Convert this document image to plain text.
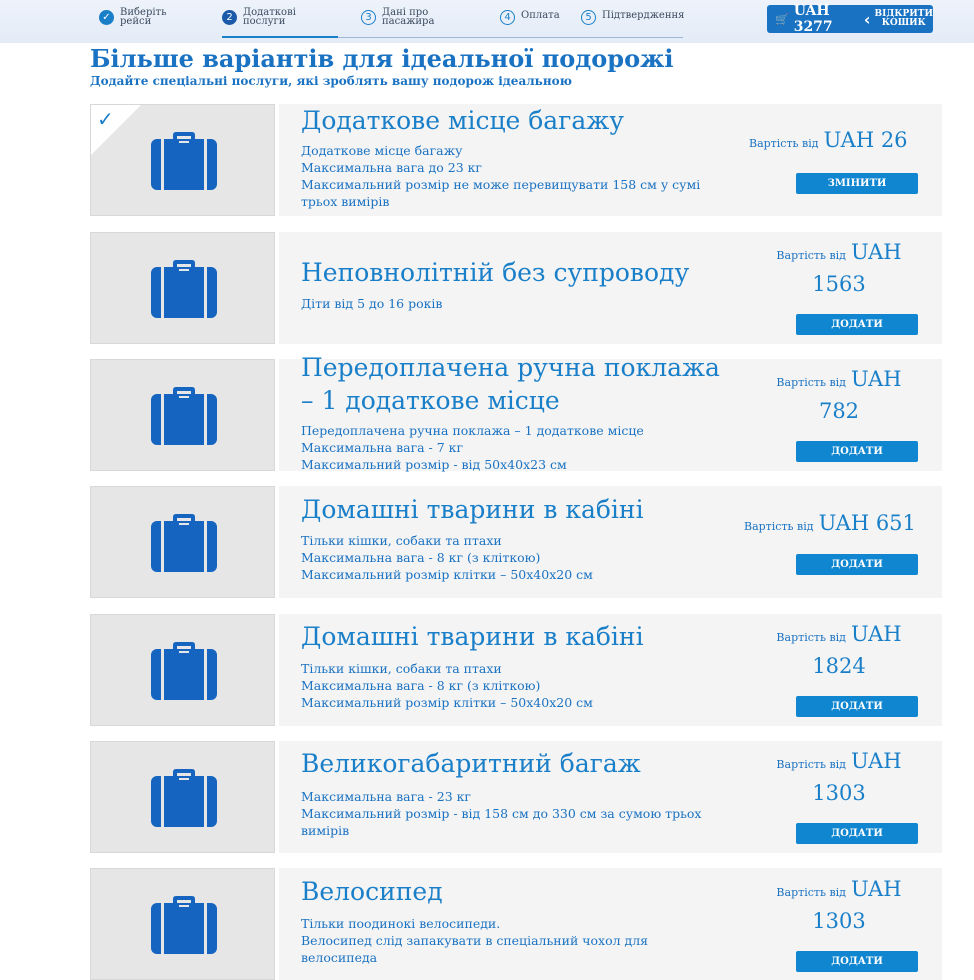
✓ Виберіть
рейси	2	Додаткові
послуги	3	Дані про
пасажира	4	Оплата	5	Підтвердження	🛒 UAH 3277	‹ ВІДКРИТИ
КОШИК
Більше варіантів для ідеальної подорожі
Додайте спеціальні послуги, які зроблять вашу подорож ідеальною
✓	Додаткове місце багажу
Додаткове місце багажу
Максимальна вага до 23 кг
Максимальний розмір не може перевищувати 158 см у сумі трьох вимірів
Вартість від UAH 26
ЗМІНИТИ
Неповнолітній без супроводу
Діти від 5 до 16 років
Вартість від UAH
1563
ДОДАТИ
Передоплачена ручна поклажа – 1 додаткове місце
Передоплачена ручна поклажа – 1 додаткове місце
Максимальна вага - 7 кг
Максимальний розмір - від 50x40x23 см
Вартість від UAH
782
ДОДАТИ
Домашні тварини в кабіні
Тільки кішки, собаки та птахи
Максимальна вага - 8 кг (з кліткою)
Максимальний розмір клітки – 50x40x20 см
Вартість від UAH 651
ДОДАТИ
Домашні тварини в кабіні
Тільки кішки, собаки та птахи
Максимальна вага - 8 кг (з кліткою)
Максимальний розмір клітки – 50x40x20 см
Вартість від UAH
1824
ДОДАТИ
Великогабаритний багаж
Максимальна вага - 23 кг
Максимальний розмір - від 158 см до 330 см за сумою трьох вимірів
Вартість від UAH
1303
ДОДАТИ
Велосипед
Тільки поодинокі велосипеди.
Велосипед слід запакувати в спеціальний чохол для велосипеда
Вартість від UAH
1303
ДОДАТИ
